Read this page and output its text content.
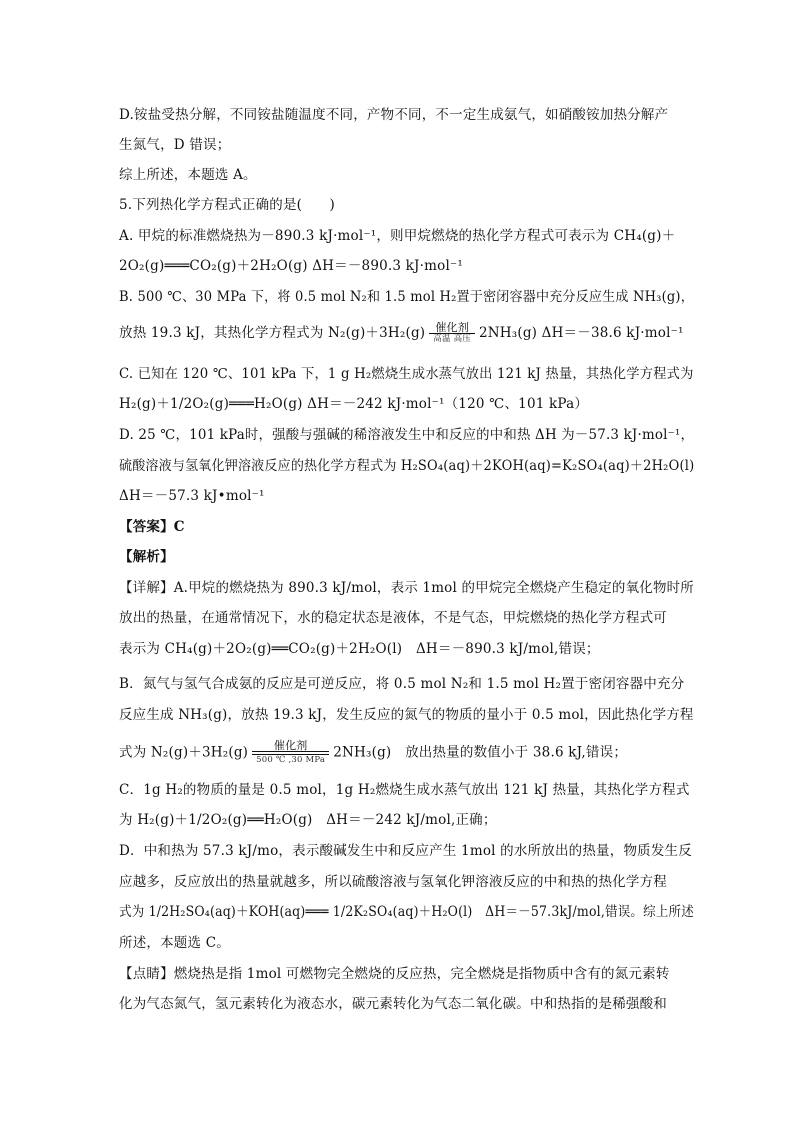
D.铵盐受热分解，不同铵盐随温度不同，产物不同，不一定生成氨气，如硝酸铵加热分解产
生氮气，D 错误；
综上所述，本题选 A。
5.下列热化学方程式正确的是(　　)
A. 甲烷的标准燃烧热为－890.3 kJ·mol⁻¹，则甲烷燃烧的热化学方程式可表示为 CH₄(g)＋
2O₂(g)═══CO₂(g)＋2H₂O(g) ΔH＝－890.3 kJ·mol⁻¹
B. 500 ℃、30 MPa 下，将 0.5 mol N₂和 1.5 mol H₂置于密闭容器中充分反应生成 NH₃(g)，
放热 19.3 kJ，其热化学方程式为 $N_2(g)+3H_2(g) \frac{\text{催化剂}}{\text{高温 高压}} 2NH_3(g)$ ΔH＝－38.6 kJ·mol⁻¹
C. 已知在 120 ℃、101 kPa 下，1 g H₂燃烧生成水蒸气放出 121 kJ 热量，其热化学方程式为
H₂(g)＋1/2O₂(g)═══H₂O(g) ΔH＝－242 kJ·mol⁻¹（120 ℃、101 kPa）
D. 25 ℃，101 kPa时，强酸与强碱的稀溶液发生中和反应的中和热 ΔH 为－57.3 kJ·mol⁻¹，
硫酸溶液与氢氧化钾溶液反应的热化学方程式为 H₂SO₄(aq)＋2KOH(aq)=K₂SO₄(aq)＋2H₂O(l)
ΔH＝－57.3 kJ•mol⁻¹
【答案】C
【解析】
【详解】A.甲烷的燃烧热为 890.3 kJ/mol，表示 1mol 的甲烷完全燃烧产生稳定的氧化物时所
放出的热量，在通常情况下，水的稳定状态是液体，不是气态，甲烷燃烧的热化学方程式可
表示为 CH₄(g)＋2O₂(g)══CO₂(g)＋2H₂O(l)　ΔH＝－890.3 kJ/mol,错误；
B．氮气与氢气合成氨的反应是可逆反应，将 0.5 mol N₂和 1.5 mol H₂置于密闭容器中充分
反应生成 NH₃(g)，放热 19.3 kJ，发生反应的氮气的物质的量小于 0.5 mol，因此热化学方程
式为 $N_2(g)+3H_2(g) \frac{\text{催化剂}}{\text{500 ℃ ,30 MPa}} 2NH_3(g)$　放出热量的数值小于 38.6 kJ,错误；
C．1g H₂的物质的量是 0.5 mol，1g H₂燃烧生成水蒸气放出 121 kJ 热量，其热化学方程式
为 H₂(g)＋1/2O₂(g)══H₂O(g)　ΔH＝－242 kJ/mol,正确；
D．中和热为 57.3 kJ/mo，表示酸碱发生中和反应产生 1mol 的水所放出的热量，物质发生反
应越多，反应放出的热量就越多，所以硫酸溶液与氢氧化钾溶液反应的中和热的热化学方程
式为 1/2H₂SO₄(aq)＋KOH(aq)═══ 1/2K₂SO₄(aq)＋H₂O(l)　ΔH＝－57.3kJ/mol,错误。综上所述
所述，本题选 C。
【点睛】燃烧热是指 1mol 可燃物完全燃烧的反应热，完全燃烧是指物质中含有的氮元素转
化为气态氮气，氢元素转化为液态水，碳元素转化为气态二氧化碳。中和热指的是稀强酸和
